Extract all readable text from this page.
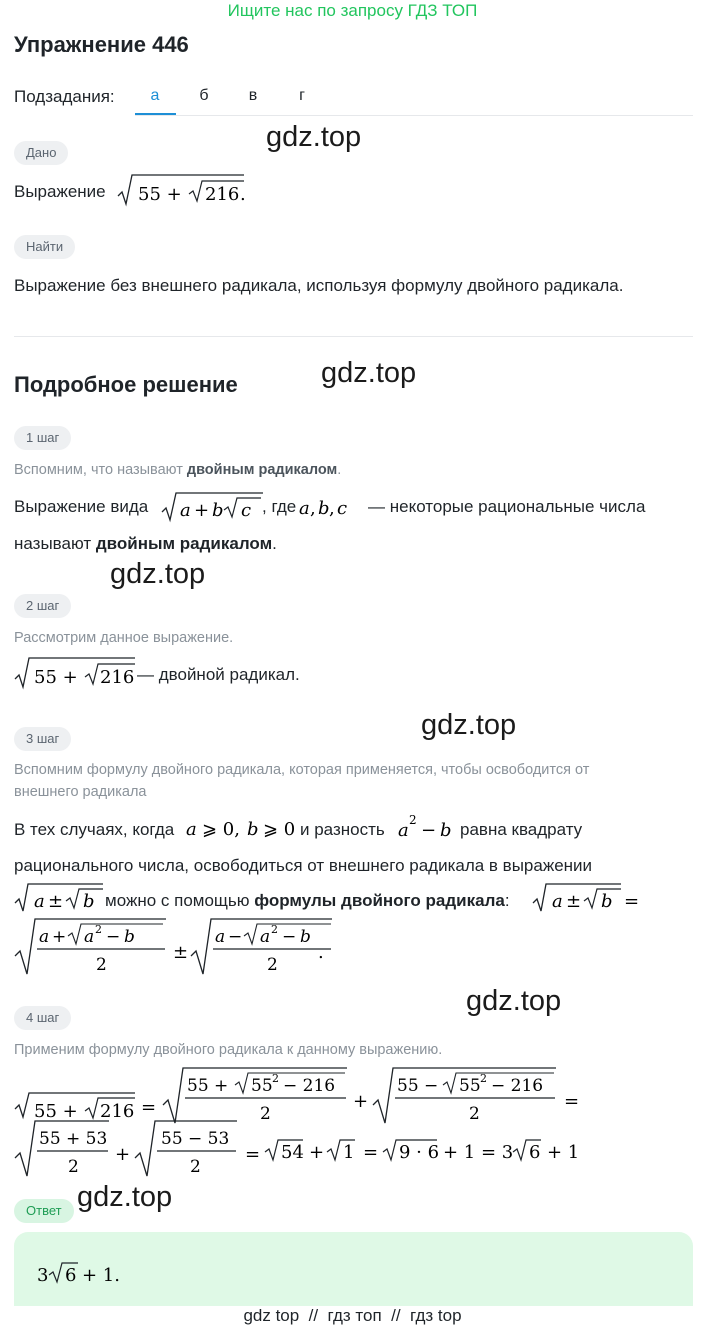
Ищите нас по запросу ГДЗ ТОП
Упражнение 446
Подзадания:	а	б	в	г
gdz.top
gdz.top
gdz.top
gdz.top
gdz.top
gdz.top
Дано
Выражение 55 + 216 .
Найти
Выражение без внешнего радикала, используя формулу двойного радикала.
Подробное решение
1 шаг
Вспомним, что называют двойным радикалом.
Выражение вида a + b c , где a , b , c — некоторые рациональные числа
называют двойным радикалом.
2 шаг
Рассмотрим данное выражение.
55 + 216 — двойной радикал.
3 шаг
Вспомним формулу двойного радикала, которая применяется, чтобы освободится от
внешнего радикала
В тех случаях, когда a ⩾ 0, b ⩾ 0 и разность a 2 − b равна квадрату
рационального числа, освободиться от внешнего радикала в выражении
a ± b можно с помощью формулы двойного радикала: a ± b =
a + a 2 − b
2
±
a − a 2 − b
2
.
4 шаг
Применим формулу двойного радикала к данному выражению.
55 + 216 =
55 + 55 2 − 216
2
+
55 − 55 2 − 216
2
=
55 + 53
2
+
55 − 53
2
= 54 + 1 = 9 · 6 + 1 = 3 6 + 1
Ответ
3 6 + 1.
gdz top  //  гдз топ  //  гдз top
